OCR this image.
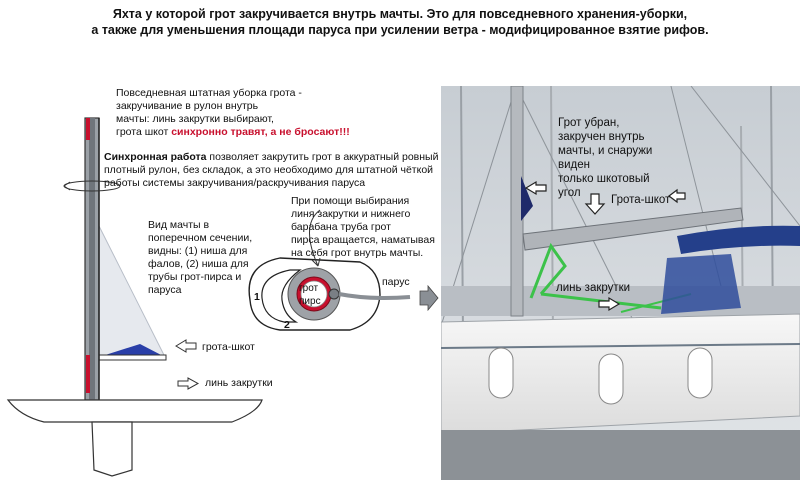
Яхта у которой грот закручивается внутрь мачты. Это для повседневного хранения-уборки,
а также для уменьшения площади паруса при усилении ветра - модифицированное взятие рифов.
Повседневная штатная уборка грота -
закручивание в рулон внутрь
мачты: линь закрутки выбирают,
грота шкот синхронно травят, а не бросают!!!
Синхронная работа позволяет закрутить грот в аккуратный ровный
плотный рулон, без складок, а это необходимо для штатной чёткой
работы системы закручивания/раскручивания паруса
Вид мачты в
поперечном сечении,
видны: (1) ниша для
фалов, (2) ниша для
трубы грот-пирса и
паруса
При помощи выбирания
линя закрутки и нижнего
барабана труба грот
пирса вращается, наматывая
на себя грот внутрь мачты.
1
2
грот
пирс
парус
грота-шкот
линь закрутки
Грот убран,
закручен внутрь
мачты, и снаружи
виден
только шкотовый
угол
Грота-шкот
линь закрутки
